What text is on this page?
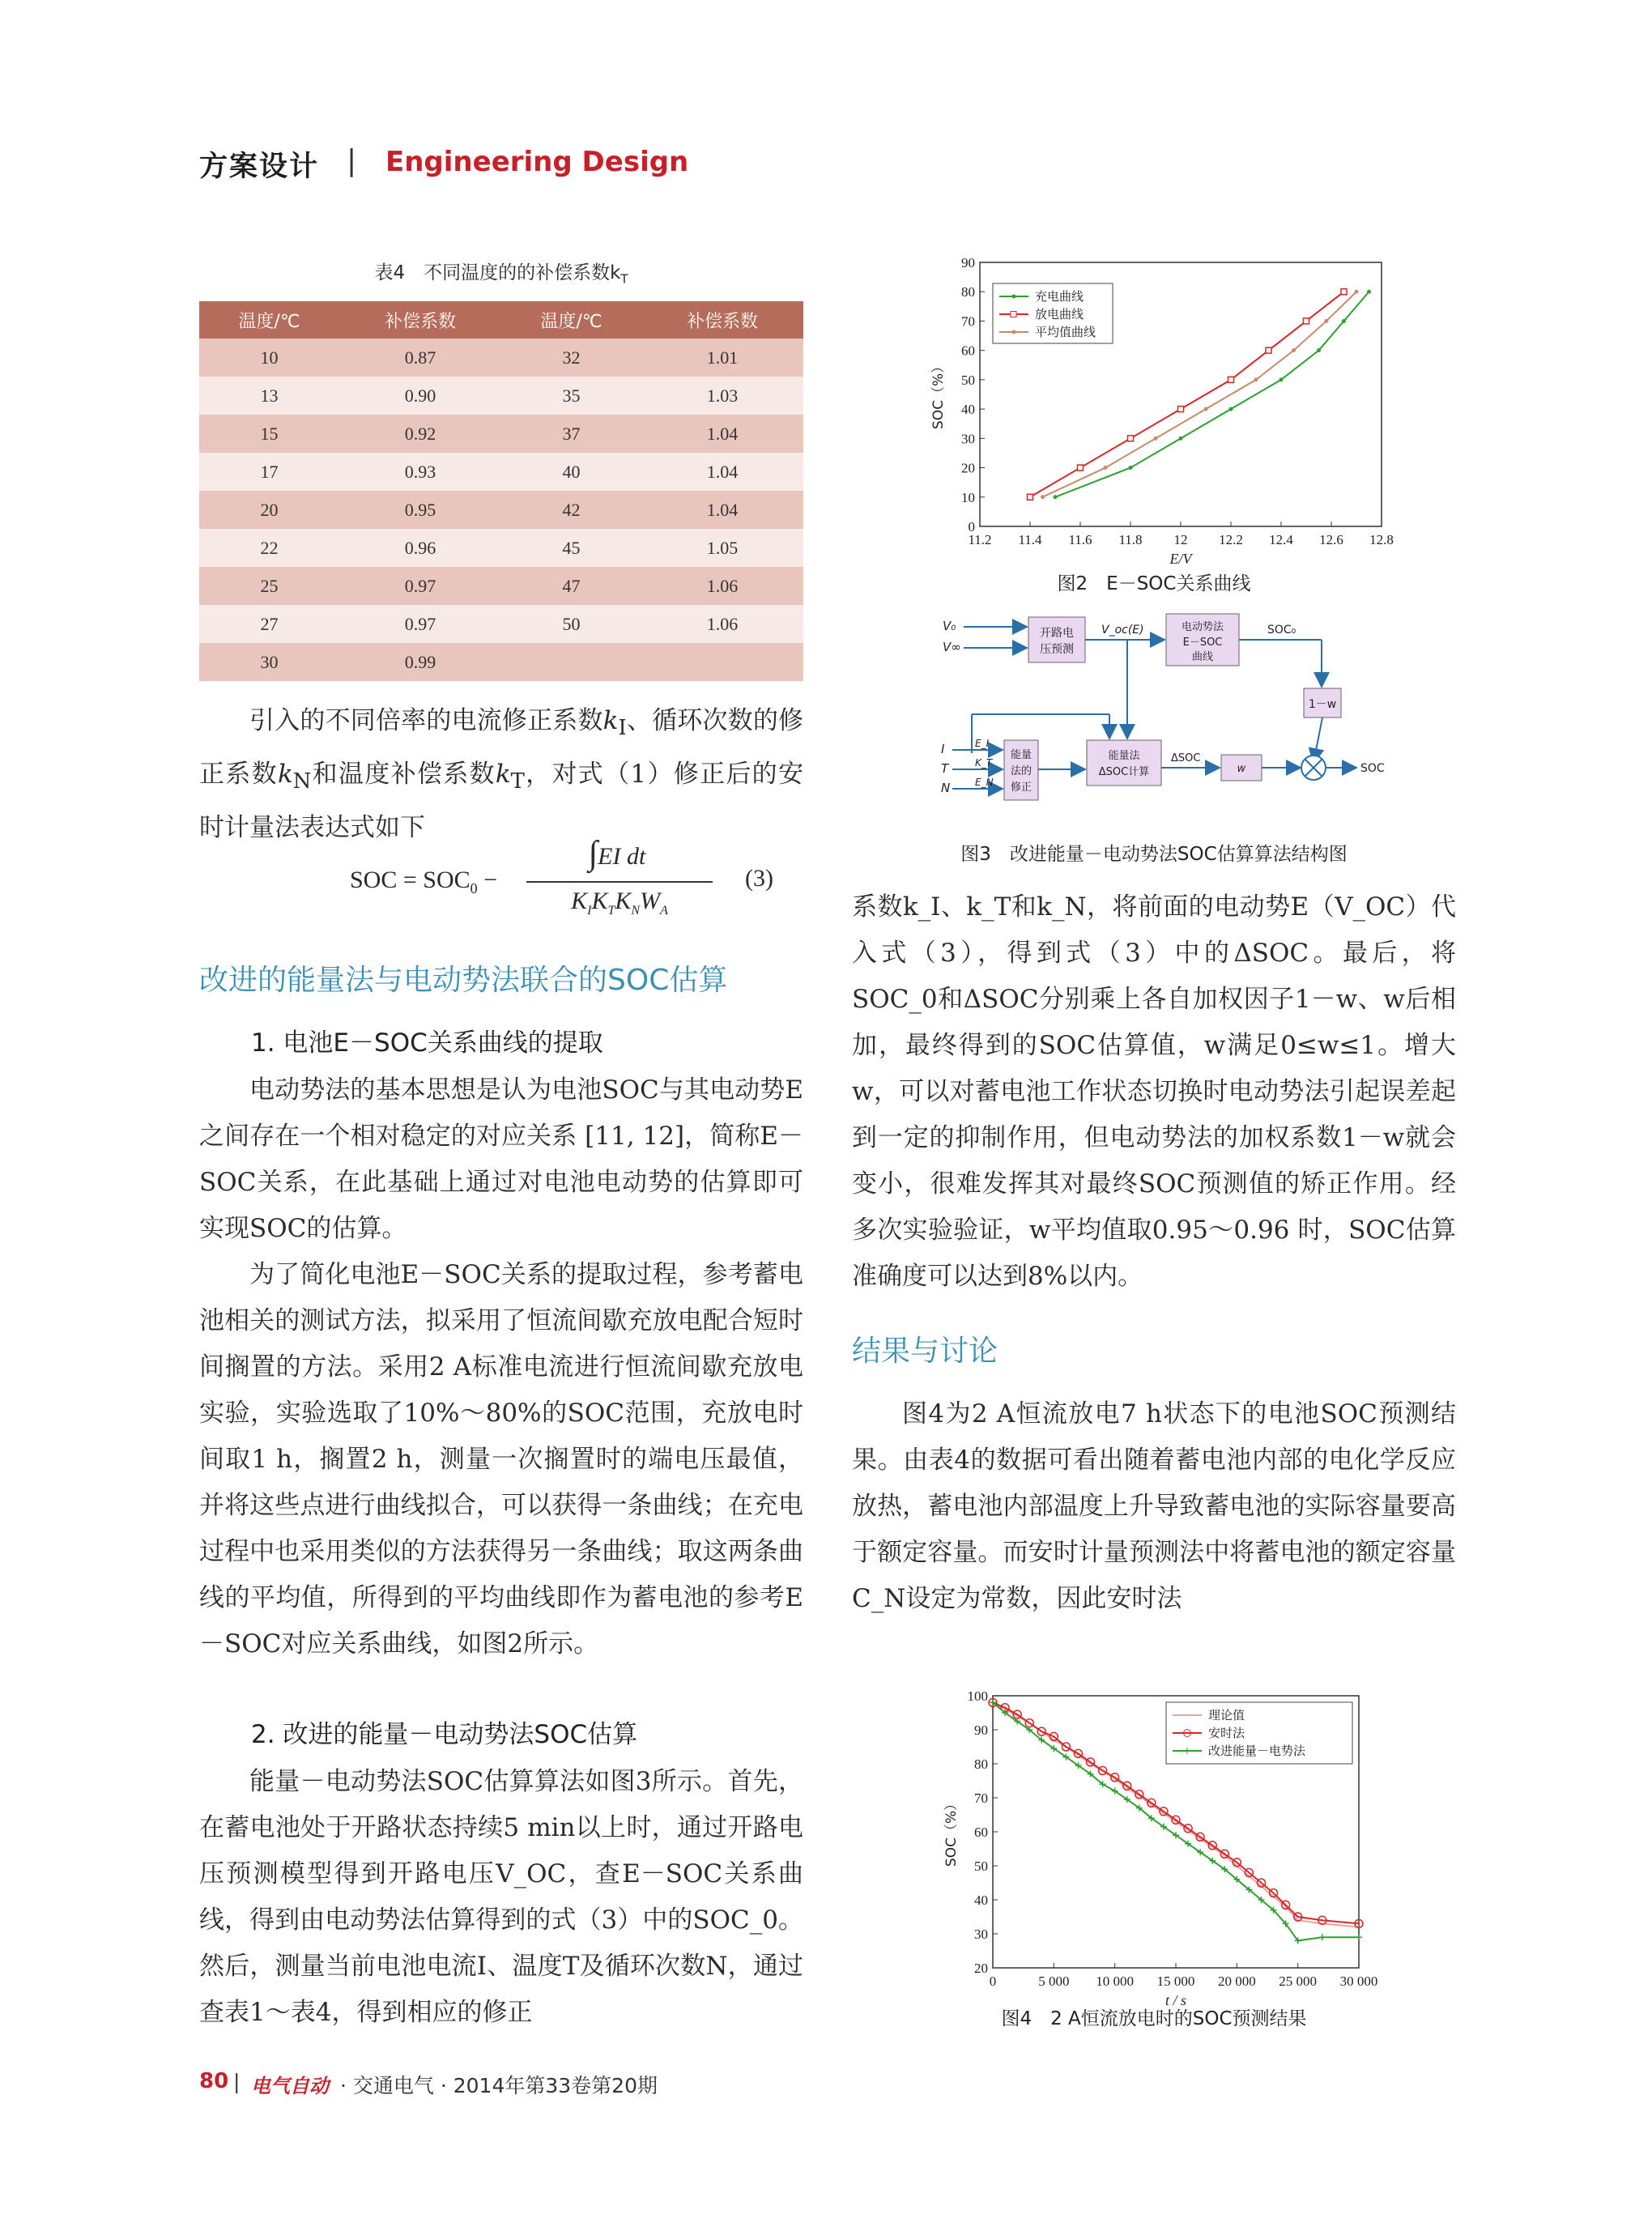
方案设计 | Engineering Design
表4　不同温度的的补偿系数$k_T$
温度/℃	补偿系数	温度/℃	补偿系数
10	0.87	32	1.01
13	0.90	35	1.03
15	0.92	37	1.04
17	0.93	40	1.04
20	0.95	42	1.04
22	0.96	45	1.05
25	0.97	47	1.06
27	0.97	50	1.06
30	0.99		
引入的不同倍率的电流修正系数$k_I$、循环次数的修正系数$k_N$和温度补偿系数$k_T$，对式（1）修正后的安时计量法表达式如下
SOC = $SOC_0$ −
∫EI dt
$K_IK_TK_NW_A$
(3)
改进的能量法与电动势法联合的SOC估算
1. 电池E－SOC关系曲线的提取
电动势法的基本思想是认为电池SOC与其电动势E之间存在一个相对稳定的对应关系 [11, 12]，简称E－SOC关系，在此基础上通过对电池电动势的估算即可实现SOC的估算。
为了简化电池E－SOC关系的提取过程，参考蓄电池相关的测试方法，拟采用了恒流间歇充放电配合短时间搁置的方法。采用2 A标准电流进行恒流间歇充放电实验，实验选取了10%～80%的SOC范围，充放电时间取1 h，搁置2 h，测量一次搁置时的端电压最值，并将这些点进行曲线拟合，可以获得一条曲线；在充电过程中也采用类似的方法获得另一条曲线；取这两条曲线的平均值，所得到的平均曲线即作为蓄电池的参考E－SOC对应关系曲线，如图2所示。
2. 改进的能量－电动势法SOC估算
能量－电动势法SOC估算算法如图3所示。首先，在蓄电池处于开路状态持续5 min以上时，通过开路电压预测模型得到开路电压V_OC，查E－SOC关系曲线，得到由电动势法估算得到的式（3）中的SOC_0。然后，测量当前电池电流I、温度T及循环次数N，通过查表1～表4，得到相应的修正
11.2 11.4 11.6 11.8 12 12.2 12.4 12.6 12.8
0
10
20
30
40
50
60
70
80
90
E/V
SOC（%）
充电曲线
放电曲线
平均值曲线
图2　E－SOC关系曲线
V₀
V∞
开路电
压预测
V_oc(E)	电动势法
E－SOC
曲线
SOC₀
1－w
I
T
N
E_I
K_T
E_N
能量
法的
修正
能量法
ΔSOC计算
ΔSOC
w	SOC
图3　改进能量－电动势法SOC估算算法结构图
系数k_I、k_T和k_N，将前面的电动势E（V_OC）代入式（3），得到式（3）中的ΔSOC。最后，将SOC_0和ΔSOC分别乘上各自加权因子1－w、w后相加，最终得到的SOC估算值，w满足0≤w≤1。增大w，可以对蓄电池工作状态切换时电动势法引起误差起到一定的抑制作用，但电动势法的加权系数1－w就会变小，很难发挥其对最终SOC预测值的矫正作用。经多次实验验证，w平均值取0.95～0.96 时，SOC估算准确度可以达到8%以内。
结果与讨论
图4为2 A恒流放电7 h状态下的电池SOC预测结果。由表4的数据可看出随着蓄电池内部的电化学反应放热，蓄电池内部温度上升导致蓄电池的实际容量要高于额定容量。而安时计量预测法中将蓄电池的额定容量C_N设定为常数，因此安时法
0	5 000 10 000 15 000 20 000 25 000 30 000
20
30
40
50
60
70
80
90
100
t / s
SOC（%）
理论值
安时法
改进能量－电势法
图4　2 A恒流放电时的SOC预测结果
80 | 电气自动 · 交通电气 · 2014年第33卷第20期
